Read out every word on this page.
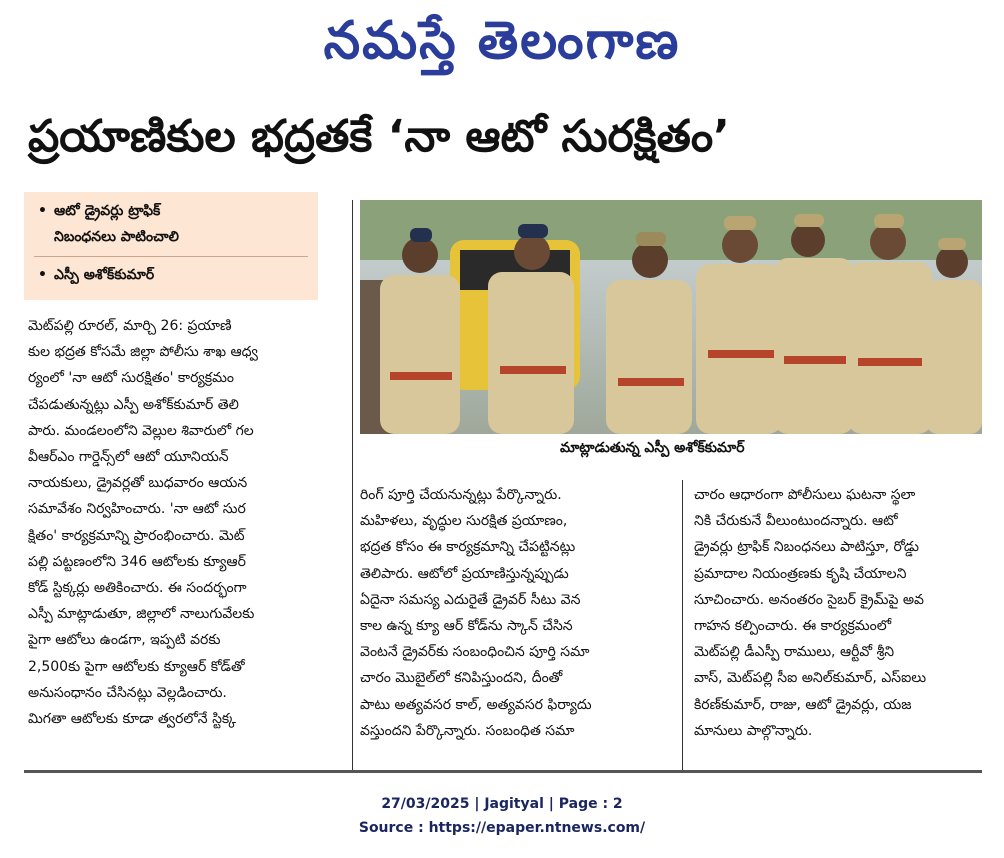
నమస్తే తెలంగాణ
ప్రయాణికుల భద్రతకే ‘నా ఆటో సురక్షితం’
• ఆటో డ్రైవర్లు ట్రాఫిక్
నిబంధనలు పాటించాలి
• ఎస్పీ అశోక్‌కుమార్
మాట్లాడుతున్న ఎస్పీ అశోక్‌కుమార్

మెట్‌పల్లి రూరల్, మార్చి 26: ప్రయాణి

కుల భద్రత కోసమే జిల్లా పోలీసు శాఖ ఆధ్వ

ర్యంలో 'నా ఆటో సురక్షితం' కార్యక్రమం

చేపడుతున్నట్లు ఎస్పీ అశోక్‌కుమార్ తెలి

పారు. మండలంలోని వెల్లుల శివారులో గల

వీఆర్‌ఎం గార్డెన్స్‌లో ఆటో యూనియన్

నాయకులు, డ్రైవర్లతో బుధవారం ఆయన

సమావేశం నిర్వహించారు. 'నా ఆటో సుర

క్షితం' కార్యక్రమాన్ని ప్రారంభించారు. మెట్

పల్లి పట్టణంలోని 346 ఆటోలకు క్యూఆర్

కోడ్ స్టిక్కర్లు అతికించారు. ఈ సందర్భంగా

ఎస్పీ మాట్లాడుతూ, జిల్లాలో నాలుగువేలకు

పైగా ఆటోలు ఉండగా, ఇప్పటి వరకు

2,500కు పైగా ఆటోలకు క్యూఆర్ కోడ్‌తో

అనుసంధానం చేసినట్లు వెల్లడించారు.

మిగతా ఆటోలకు కూడా త్వరలోనే స్టిక్క

రింగ్ పూర్తి చేయనున్నట్లు పేర్కొన్నారు.

మహిళలు, వృద్ధుల సురక్షిత ప్రయాణం,

భద్రత కోసం ఈ కార్యక్రమాన్ని చేపట్టినట్లు

తెలిపారు. ఆటోలో ప్రయాణిస్తున్నప్పుడు

ఏదైనా సమస్య ఎదురైతే డ్రైవర్ సీటు వెన

కాల ఉన్న క్యూ ఆర్ కోడ్‌ను స్కాన్ చేసిన

వెంటనే డ్రైవర్‌కు సంబంధించిన పూర్తి సమా

చారం మొబైల్‌లో కనిపిస్తుందని, దీంతో

పాటు అత్యవసర కాల్, అత్యవసర ఫిర్యాదు

వస్తుందని పేర్కొన్నారు. సంబంధిత సమా

చారం ఆధారంగా పోలీసులు ఘటనా స్థలా

నికి చేరుకునే వీలుంటుందన్నారు. ఆటో

డ్రైవర్లు ట్రాఫిక్ నిబంధనలు పాటిస్తూ, రోడ్డు

ప్రమాదాల నియంత్రణకు కృషి చేయాలని

సూచించారు. అనంతరం సైబర్ క్రైమ్‌పై అవ

గాహన కల్పించారు. ఈ కార్యక్రమంలో

మెట్‌పల్లి డీఎస్పీ రాములు, ఆర్టీవో శ్రీని

వాస్, మెట్‌పల్లి సీఐ అనిల్‌కుమార్, ఎస్‌ఐలు

కిరణ్‌కుమార్, రాజు, ఆటో డ్రైవర్లు, యజ

మానులు పాల్గొన్నారు.

27/03/2025 | Jagityal | Page : 2
Source : https://epaper.ntnews.com/
